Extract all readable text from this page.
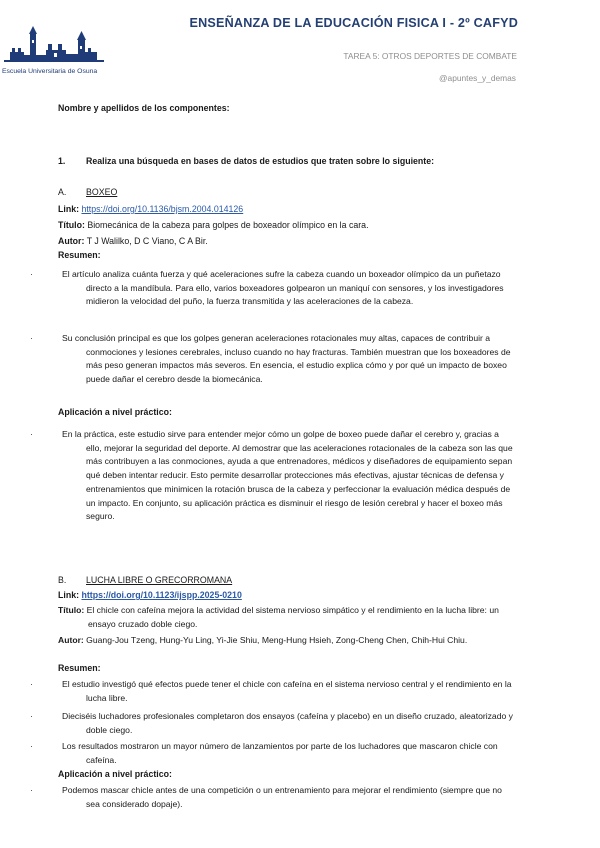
Escuela Universitaria de Osuna
ENSEÑANZA DE LA EDUCACIÓN FISICA I - 2º CAFYD
TAREA 5: OTROS DEPORTES DE COMBATE
@apuntes_y_demas
Nombre y apellidos de los componentes:
1. Realiza una búsqueda en bases de datos de estudios que traten sobre lo siguiente:
A. BOXEO
Link: https://doi.org/10.1136/bjsm.2004.014126
Título: Biomecánica de la cabeza para golpes de boxeador olímpico en la cara.
Autor: T J Walilko, D C Viano, C A Bir.
Resumen:
·	El artículo analiza cuánta fuerza y qué aceleraciones sufre la cabeza cuando un boxeador olímpico da un puñetazo directo a la mandíbula. Para ello, varios boxeadores golpearon un maniquí con sensores, y los investigadores midieron la velocidad del puño, la fuerza transmitida y las aceleraciones de la cabeza.
·	Su conclusión principal es que los golpes generan aceleraciones rotacionales muy altas, capaces de contribuir a conmociones y lesiones cerebrales, incluso cuando no hay fracturas. También muestran que los boxeadores de más peso generan impactos más severos. En esencia, el estudio explica cómo y por qué un impacto de boxeo puede dañar el cerebro desde la biomecánica.
Aplicación a nivel práctico:
·	En la práctica, este estudio sirve para entender mejor cómo un golpe de boxeo puede dañar el cerebro y, gracias a ello, mejorar la seguridad del deporte. Al demostrar que las aceleraciones rotacionales de la cabeza son las que más contribuyen a las conmociones, ayuda a que entrenadores, médicos y diseñadores de equipamiento sepan qué deben intentar reducir. Esto permite desarrollar protecciones más efectivas, ajustar técnicas de defensa y entrenamientos que minimicen la rotación brusca de la cabeza y perfeccionar la evaluación médica después de un impacto. En conjunto, su aplicación práctica es disminuir el riesgo de lesión cerebral y hacer el boxeo más seguro.
B. LUCHA LIBRE O GRECORROMANA
Link: https://doi.org/10.1123/ijspp.2025-0210
Título: El chicle con cafeína mejora la actividad del sistema nervioso simpático y el rendimiento en la lucha libre: un ensayo cruzado doble ciego.
Autor: Guang-Jou Tzeng, Hung-Yu Ling, Yi-Jie Shiu, Meng-Hung Hsieh, Zong-Cheng Chen, Chih-Hui Chiu.
Resumen:
·	El estudio investigó qué efectos puede tener el chicle con cafeína en el sistema nervioso central y el rendimiento en la lucha libre.
·	Dieciséis luchadores profesionales completaron dos ensayos (cafeína y placebo) en un diseño cruzado, aleatorizado y doble ciego.
·	Los resultados mostraron un mayor número de lanzamientos por parte de los luchadores que mascaron chicle con cafeína.
Aplicación a nivel práctico:
·	Podemos mascar chicle antes de una competición o un entrenamiento para mejorar el rendimiento (siempre que no sea considerado dopaje).
